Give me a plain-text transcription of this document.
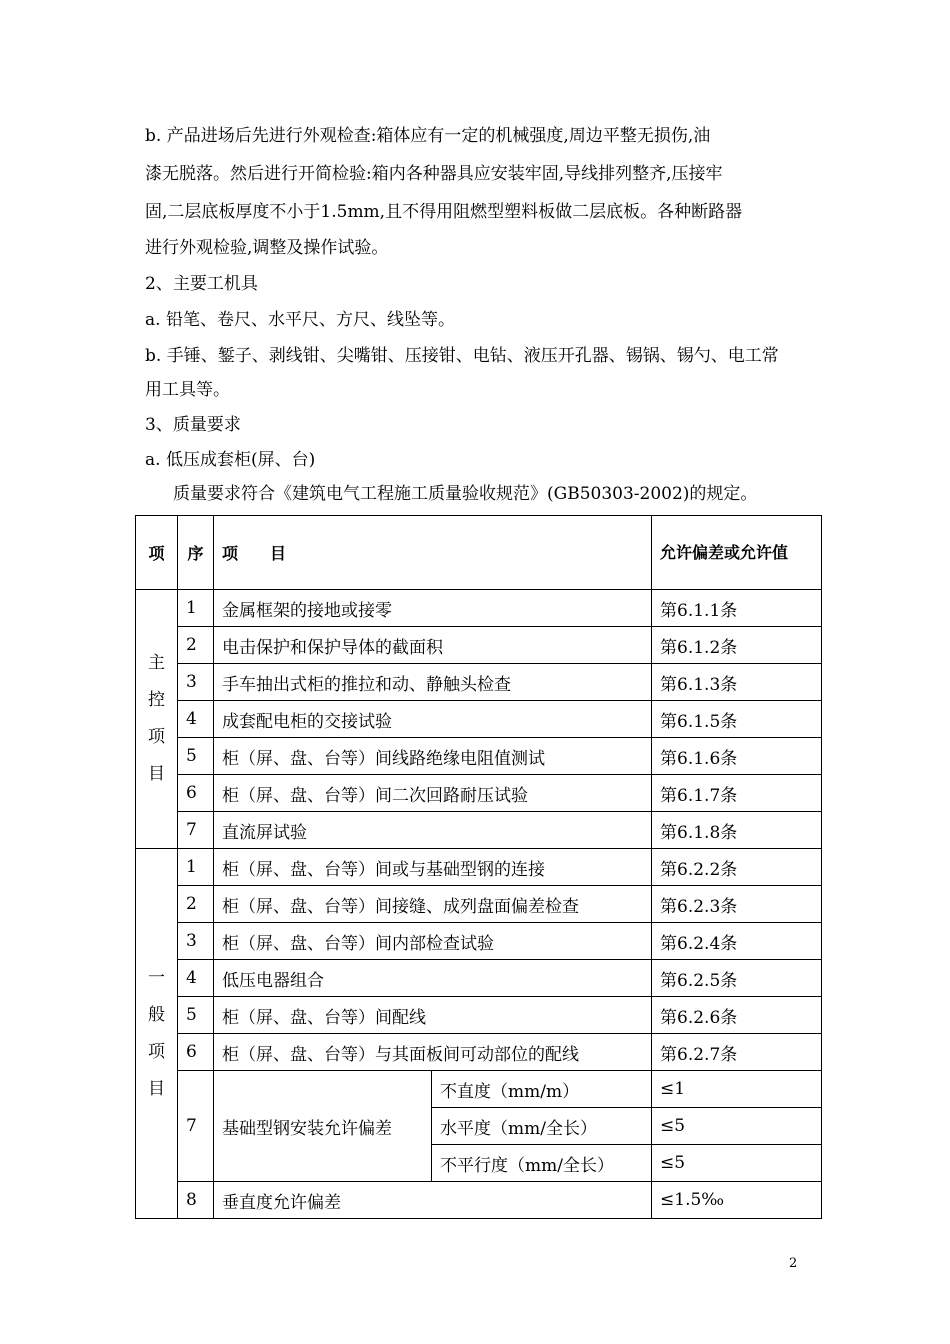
b. 产品进场后先进行外观检查:箱体应有一定的机械强度,周边平整无损伤,油
漆无脱落。然后进行开简检验:箱内各种器具应安装牢固,导线排列整齐,压接牢
固,二层底板厚度不小于1.5mm,且不得用阻燃型塑料板做二层底板。各种断路器
进行外观检验,调整及操作试验。
2、主要工机具
a. 铅笔、卷尺、水平尺、方尺、线坠等。
b. 手锤、錾子、剥线钳、尖嘴钳、压接钳、电钻、液压开孔器、锡锅、锡勺、电工常
用工具等。
3、质量要求
a. 低压成套柜(屏、台)
质量要求符合《建筑电气工程施工质量验收规范》(GB50303-2002)的规定。
项	序	项　　目		允许偏差或允许值
主控项目	1	金属框架的接地或接零		第6.1.1条
	2	电击保护和保护导体的截面积		第6.1.2条
	3	手车抽出式柜的推拉和动、静触头检查		第6.1.3条
	4	成套配电柜的交接试验		第6.1.5条
	5	柜（屏、盘、台等）间线路绝缘电阻值测试		第6.1.6条
	6	柜（屏、盘、台等）间二次回路耐压试验		第6.1.7条
	7	直流屏试验		第6.1.8条
一般项目	1	柜（屏、盘、台等）间或与基础型钢的连接		第6.2.2条
	2	柜（屏、盘、台等）间接缝、成列盘面偏差检查		第6.2.3条
	3	柜（屏、盘、台等）间内部检查试验		第6.2.4条
	4	低压电器组合		第6.2.5条
	5	柜（屏、盘、台等）间配线		第6.2.6条
	6	柜（屏、盘、台等）与其面板间可动部位的配线		第6.2.7条
	7	基础型钢安装允许偏差	不直度（mm/m）	≤1
			水平度（mm/全长）	≤5
			不平行度（mm/全长）	≤5
	8	垂直度允许偏差		≤1.5‰
2
